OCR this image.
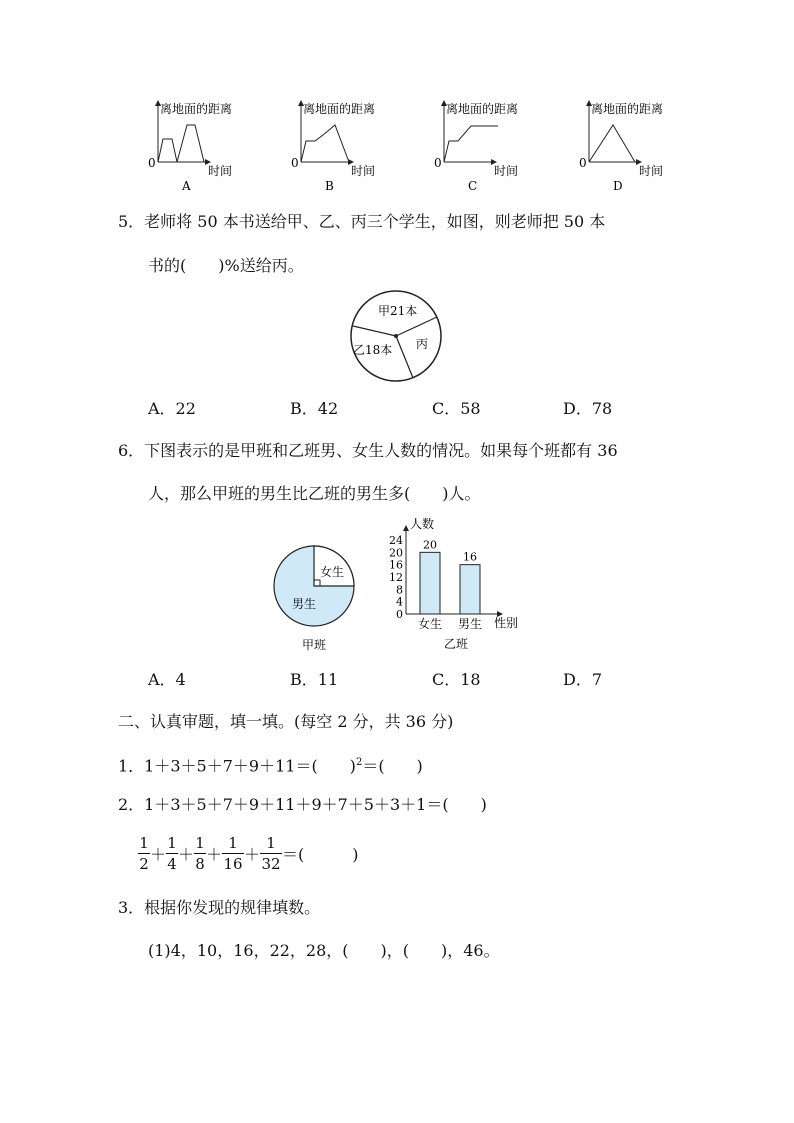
0
离地面的距离
时间
A
0
离地面的距离
时间
B
0
离地面的距离
时间
C
0
离地面的距离
时间
D
5．老师将 50 本书送给甲、乙、丙三个学生，如图，则老师把 50 本
书的(　　)%送给丙。
甲21本
乙18本 丙
A．22	B．42	C．58	D．78
6．下图表示的是甲班和乙班男、女生人数的情况。如果每个班都有 36
人，那么甲班的男生比乙班的男生多(　　)人。
女生
男生
甲班
人数
0
4
8
12
16
20
24 20
女生
16
男生 性别
乙班
A．4	B．11	C．18	D．7
二、认真审题，填一填。(每空 2 分，共 36 分)
1．1＋3＋5＋7＋9＋11＝(　　)$^2$＝(　　)
2．1＋3＋5＋7＋9＋11＋9＋7＋5＋3＋1＝(　　)
1
2 ＋
1
4 ＋
1
8 ＋
1
16 ＋
1
32 ＝(　　　)
3．根据你发现的规律填数。
(1)4，10，16，22，28，(　　)，(　　)，46。
